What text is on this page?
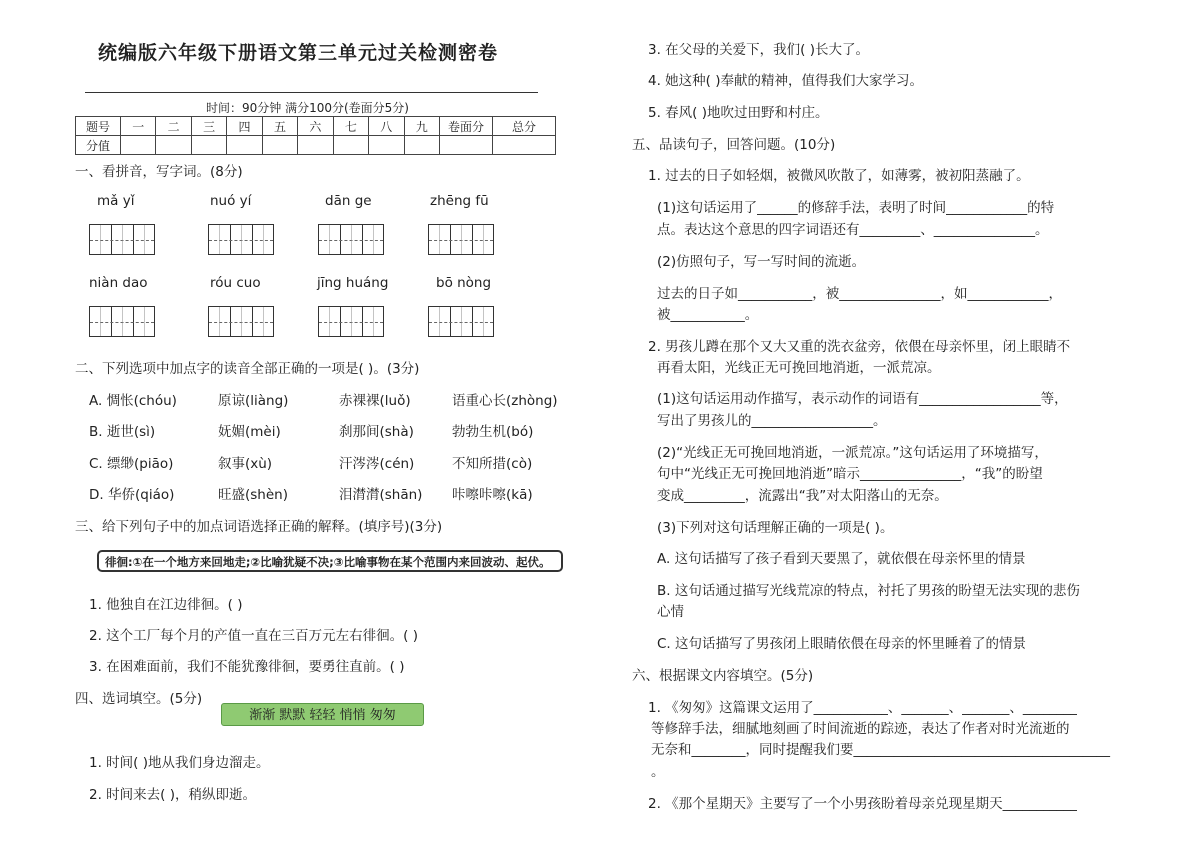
统编版六年级下册语文第三单元过关检测密卷
时间：90分钟 满分100分(卷面分5分)
题号	一	二	三	四	五	六	七	八	九	卷面分	总分
分值											
一、看拼音，写字词。(8分)
mǎ yǐ	nuó yí	dān ge	zhēng fū
niàn dao	róu cuo	jīng huáng	bō nòng
二、下列选项中加点字的读音全部正确的一项是( )。(3分)
A. 惆怅(chóu)	原谅(liàng)	赤裸裸(luǒ)	语重心长(zhòng)
B. 逝世(sì)	妩媚(mèi)	刹那间(shà)	勃勃生机(bó)
C. 缥缈(piāo)	叙事(xù)	汗涔涔(cén)	不知所措(cò)
D. 华侨(qiáo)	旺盛(shèn)	泪潸潸(shān) 咔嚓咔嚓(kā)
三、给下列句子中的加点词语选择正确的解释。(填序号)(3分)
徘徊:①在一个地方来回地走;②比喻犹疑不决;③比喻事物在某个范围内来回波动、起伏。
1. 他独自在江边徘徊。( )
2. 这个工厂每个月的产值一直在三百万元左右徘徊。( )
3. 在困难面前，我们不能犹豫徘徊，要勇往直前。( )
四、选词填空。(5分)
渐渐 默默 轻轻 悄悄 匆匆
1. 时间( )地从我们身边溜走。
2. 时间来去( )，稍纵即逝。
3. 在父母的关爱下，我们( )长大了。
4. 她这种( )奉献的精神，值得我们大家学习。
5. 春风( )地吹过田野和村庄。
五、品读句子，回答问题。(10分)
1. 过去的日子如轻烟，被微风吹散了，如薄雾，被初阳蒸融了。
(1)这句话运用了______的修辞手法，表明了时间____________的特
点。表达这个意思的四字词语还有_________、_______________。
(2)仿照句子，写一写时间的流逝。
过去的日子如___________，被_______________，如____________，
被___________。
2. 男孩儿蹲在那个又大又重的洗衣盆旁，依偎在母亲怀里，闭上眼睛不
再看太阳，光线正无可挽回地消逝，一派荒凉。
(1)这句话运用动作描写，表示动作的词语有__________________等，
写出了男孩儿的__________________。
(2)“光线正无可挽回地消逝，一派荒凉。”这句话运用了环境描写，
句中“光线正无可挽回地消逝”暗示_______________，“我”的盼望
变成_________，流露出“我”对太阳落山的无奈。
(3)下列对这句话理解正确的一项是( )。
A. 这句话描写了孩子看到天要黑了，就依偎在母亲怀里的情景
B. 这句话通过描写光线荒凉的特点，衬托了男孩的盼望无法实现的悲伤
心情
C. 这句话描写了男孩闭上眼睛依偎在母亲的怀里睡着了的情景
六、根据课文内容填空。(5分)
1. 《匆匆》这篇课文运用了___________、_______、_______、________
等修辞手法，细腻地刻画了时间流逝的踪迹，表达了作者对时光流逝的
无奈和________，同时提醒我们要______________________________________
。
2. 《那个星期天》主要写了一个小男孩盼着母亲兑现星期天___________
